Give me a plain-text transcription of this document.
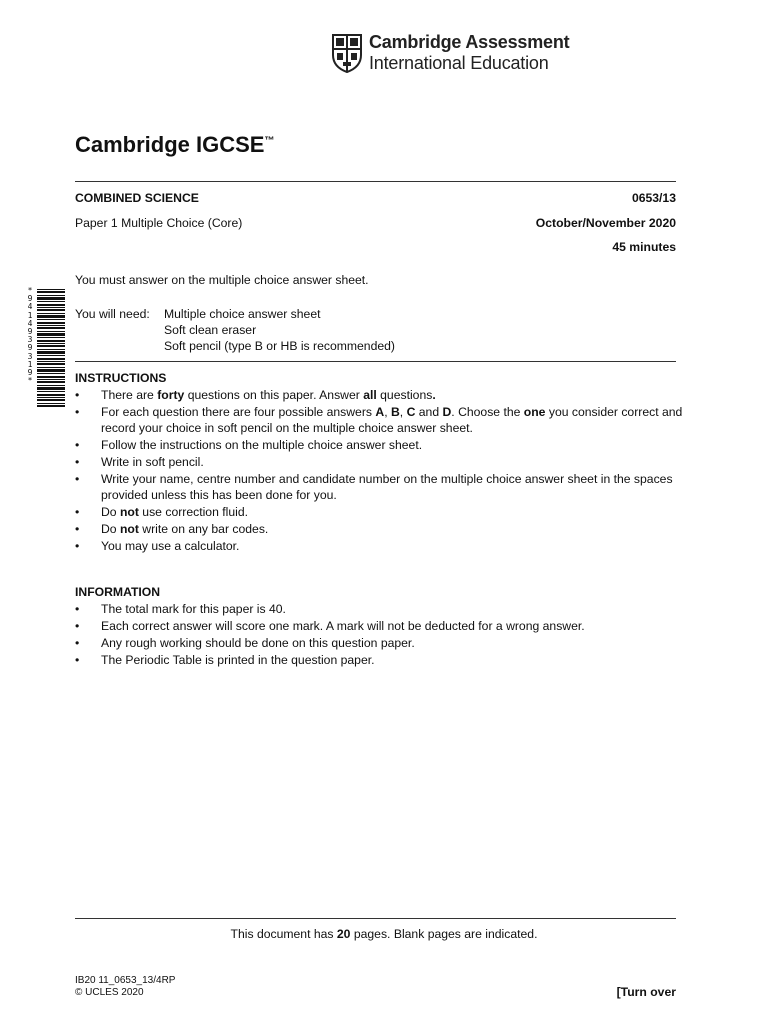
Cambridge Assessment
International Education
Cambridge IGCSE™
COMBINED SCIENCE	0653/13
Paper 1 Multiple Choice (Core)	October/November 2020
45 minutes
You must answer on the multiple choice answer sheet.
You will need: Multiple choice answer sheet
Soft clean eraser
Soft pencil (type B or HB is recommended)
*
9
4
1
4
9
3
9
3
1
9
*	INSTRUCTIONS
• There are forty questions on this paper. Answer all questions.
• For each question there are four possible answers A, B, C and D. Choose the one you consider correct and record your choice in soft pencil on the multiple choice answer sheet.
• Follow the instructions on the multiple choice answer sheet.
• Write in soft pencil.
• Write your name, centre number and candidate number on the multiple choice answer sheet in the spaces provided unless this has been done for you.
• Do not use correction fluid.
• Do not write on any bar codes.
• You may use a calculator.
INFORMATION
• The total mark for this paper is 40.
• Each correct answer will score one mark. A mark will not be deducted for a wrong answer.
• Any rough working should be done on this question paper.
• The Periodic Table is printed in the question paper.
This document has 20 pages. Blank pages are indicated.
IB20 11_0653_13/4RP
© UCLES 2020	[Turn over
